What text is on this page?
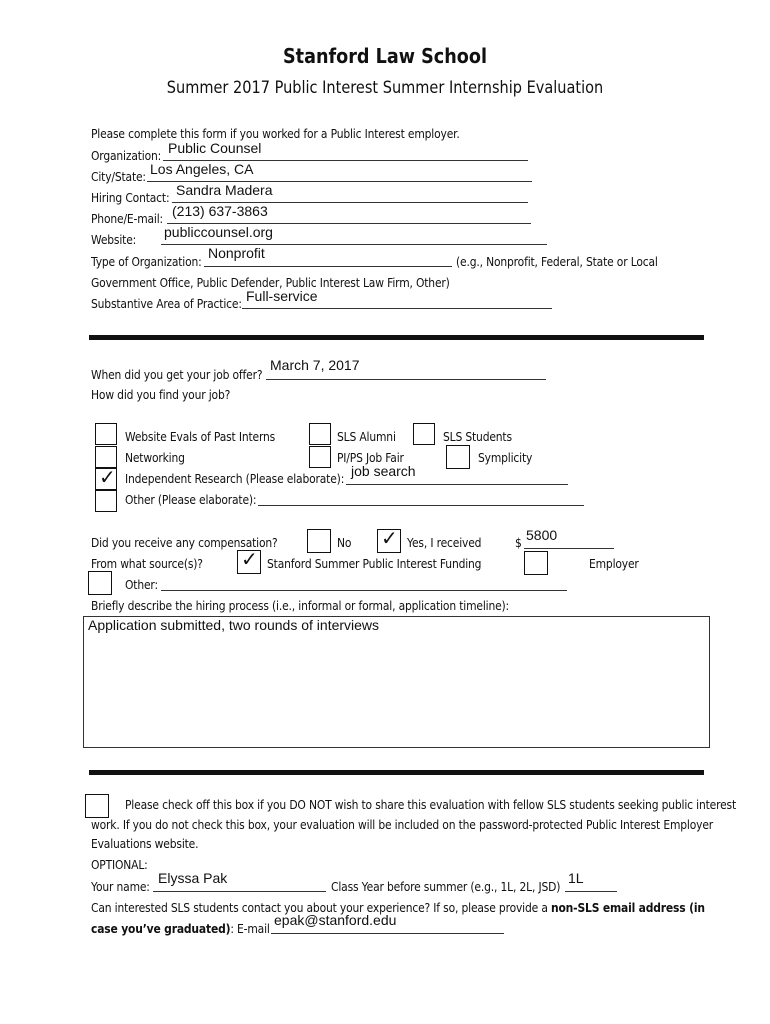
Stanford Law School
Summer 2017 Public Interest Summer Internship Evaluation
Please complete this form if you worked for a Public Interest employer.
Organization: Public Counsel
City/State: Los Angeles, CA
Hiring Contact: Sandra Madera
Phone/E-mail: (213) 637-3863
Website: publiccounsel.org
Type of Organization:
Nonprofit
(e.g., Nonprofit, Federal, State or Local
Government Office, Public Defender, Public Interest Law Firm, Other)
Substantive Area of Practice: Full-service
When did you get your job offer?
March 7, 2017
How did you find your job?
Website Evals of Past Interns
Networking
✓ Independent Research (Please elaborate): job search
Other (Please elaborate):
SLS Alumni
PI/PS Job Fair
SLS Students
Symplicity
Did you receive any compensation?	No ✓ Yes, I received	$ 5800
From what source(s)? ✓ Stanford Summer Public Interest Funding	Employer
Other:
Briefly describe the hiring process (i.e., informal or formal, application timeline):
Application submitted, two rounds of interviews
Please check off this box if you DO NOT wish to share this evaluation with fellow SLS students seeking public interest
work. If you do not check this box, your evaluation will be included on the password-protected Public Interest Employer
Evaluations website.
OPTIONAL:
Your name:
Elyssa Pak
Class Year before summer (e.g., 1L, 2L, JSD)
1L
Can interested SLS students contact you about your experience? If so, please provide a non-SLS email address (in
case you’ve graduated): E-mail
epak@stanford.edu
